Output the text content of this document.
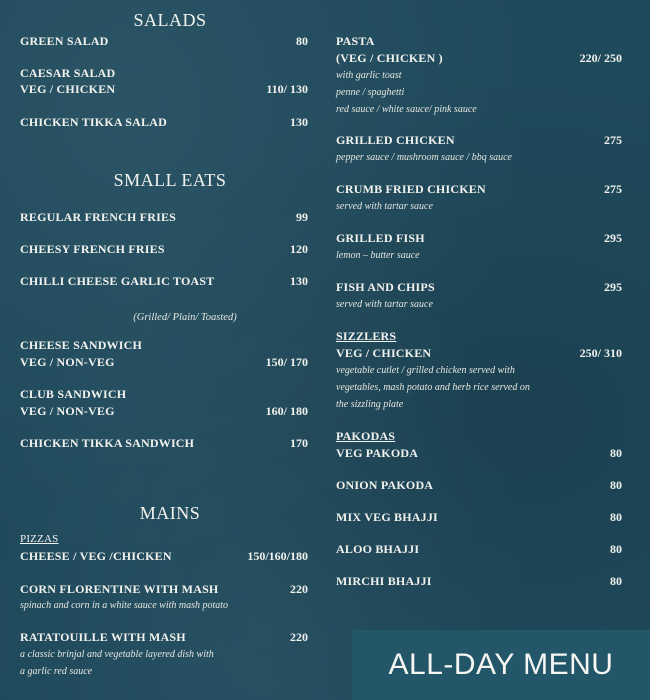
SALADS
GREEN SALAD	80
CAESAR SALAD
VEG / CHICKEN	110/ 130
CHICKEN TIKKA SALAD	130
SMALL EATS
REGULAR FRENCH FRIES	99
CHEESY FRENCH FRIES	120
CHILLI CHEESE GARLIC TOAST	130
(Grilled/ Plain/ Toasted)
CHEESE SANDWICH
VEG / NON-VEG	150/ 170
CLUB SANDWICH
VEG / NON-VEG	160/ 180
CHICKEN TIKKA SANDWICH	170
MAINS
PIZZAS
CHEESE / VEG /CHICKEN	150/160/180
CORN FLORENTINE WITH MASH	220
spinach and corn in a white sauce with mash potato
RATATOUILLE WITH MASH	220
a classic brinjal and vegetable layered dish with
a garlic red sauce
PASTA
(VEG / CHICKEN )	220/ 250
with garlic toast
penne / spaghetti
red sauce / white sauce/ pink sauce
GRILLED CHICKEN	275
pepper sauce / mushroom sauce / bbq sauce
CRUMB FRIED CHICKEN	275
served with tartar sauce
GRILLED FISH	295
lemon – butter sauce
FISH AND CHIPS	295
served with tartar sauce
SIZZLERS
VEG / CHICKEN	250/ 310
vegetable cutlet / grilled chicken served with
vegetables, mash potato and herb rice served on
the sizzling plate
PAKODAS
VEG PAKODA	80
ONION PAKODA	80
MIX VEG BHAJJI	80
ALOO BHAJJI	80
MIRCHI BHAJJI	80
ALL-DAY MENU
